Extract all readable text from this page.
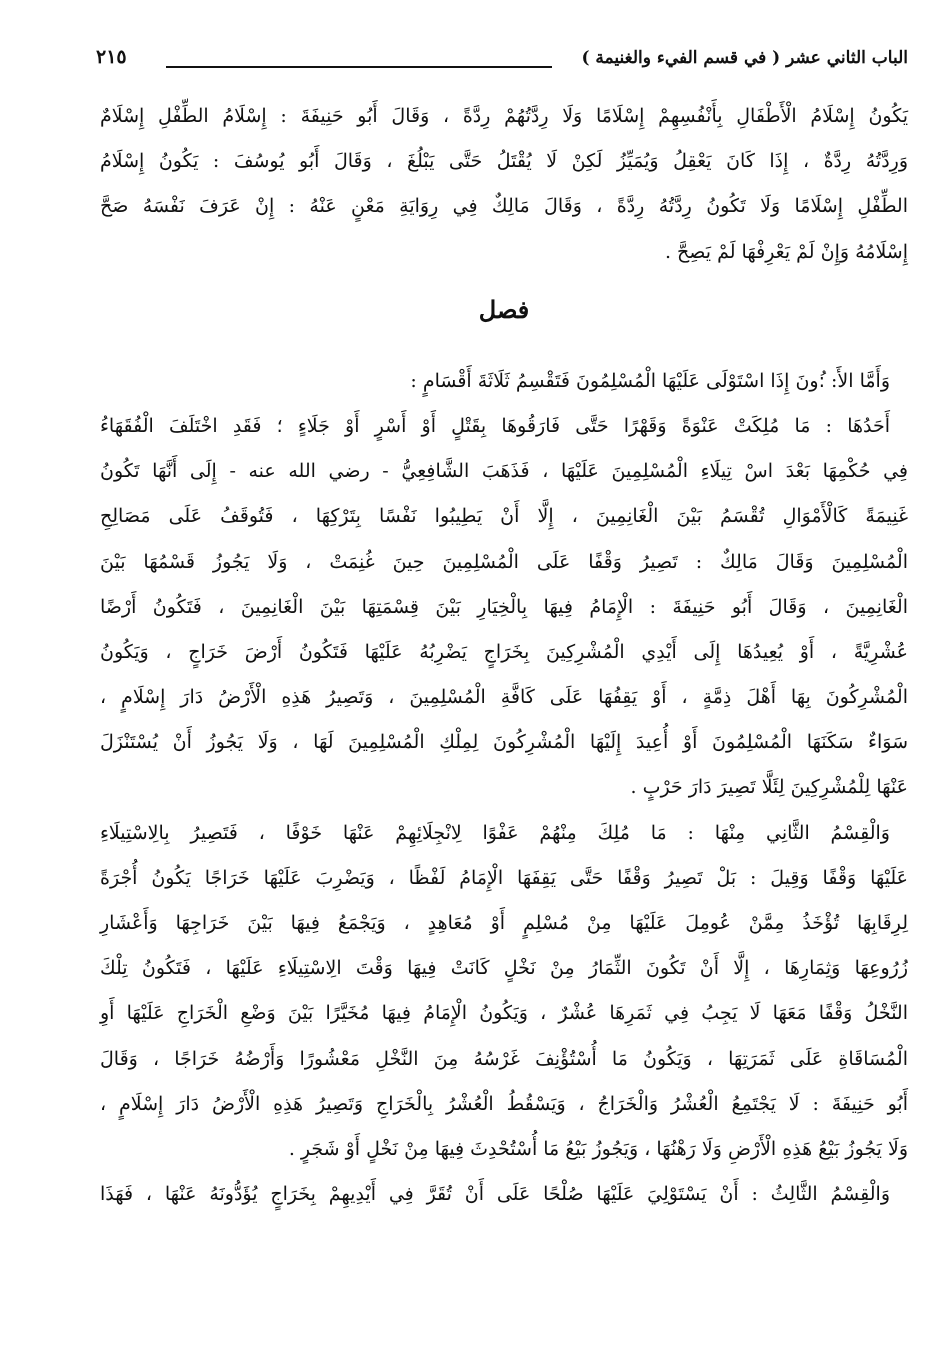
الباب الثاني عشر ( في قسم الفيء والغنيمة )
٢١٥
يَكُونُ إِسْلَامُ الْأَطْفَالِ بِأَنْفُسِهِمْ إِسْلَامًا وَلَا رِدَّتُهُمْ رِدَّةً ، وَقَالَ أَبُو حَنِيفَةَ : إِسْلَامُ الطِّفْلِ إِسْلَامٌ
وَرِدَّتُهُ رِدَّةٌ ، إِذَا كَانَ يَعْقِلُ وَيُمَيِّزُ لَكِنْ لَا يُقْتَلُ حَتَّى يَبْلُغَ ، وَقَالَ أَبُو يُوسُفَ : يَكُونُ إِسْلَامُ
الطِّفْلِ إِسْلَامًا وَلَا تَكُونُ رِدَّتُهُ رِدَّةً ، وَقَالَ مَالِكٌ فِي رِوَايَةِ مَعْنٍ عَنْهُ : إِنْ عَرَفَ نَفْسَهُ صَحَّ
إِسْلَامُهُ وَإِنْ لَمْ يَعْرِفْهَا لَمْ يَصِحَّ .
فصل
وَأَمَّا الأَ: :ُونَ إِذَا اسْتَوْلَى عَلَيْهَا الْمُسْلِمُونَ فَتَقْسِمُ ثَلَاثَةَ أَقْسَامٍ :
أَحَدُهَا : مَا مُلِكَتْ عَنْوَةً وَقَهْرًا حَتَّى فَارَقُوهَا بِقَتْلٍ أَوْ أَسْرٍ أَوْ جَلَاءٍ ؛ فَقَدِ اخْتَلَفَ الْفُقَهَاءُ
فِي حُكْمِهَا بَعْدَ اسْ تِيلَاءِ الْمُسْلِمِينَ عَلَيْهَا ، فَذَهَبَ الشَّافِعِيُّ - رضي الله عنه - إِلَى أَنَّهَا تَكُونُ
غَنِيمَةً كَالْأَمْوَالِ تُقْسَمُ بَيْنَ الْغَانِمِينَ ، إِلَّا أَنْ يَطِيبُوا نَفْسًا بِتَرْكِهَا ، فَتُوقَفُ عَلَى مَصَالِحِ
الْمُسْلِمِينَ وَقَالَ مَالِكٌ : تَصِيرُ وَقْفًا عَلَى الْمُسْلِمِينَ حِينَ غُنِمَتْ ، وَلَا يَجُوزُ قَسْمُهَا بَيْنَ
الْغَانِمِينَ ، وَقَالَ أَبُو حَنِيفَةَ : الْإِمَامُ فِيهَا بِالْخِيَارِ بَيْنَ قِسْمَتِهَا بَيْنَ الْغَانِمِينَ ، فَتَكُونُ أَرْضًا
عُشْرِيَّةً ، أَوْ يُعِيدُهَا إِلَى أَيْدِي الْمُشْرِكِينَ بِخَرَاجٍ يَضْرِبُهُ عَلَيْهَا فَتَكُونُ أَرْضَ خَرَاجٍ ، وَيَكُونُ
الْمُشْرِكُونَ بِهَا أَهْلَ ذِمَّةٍ ، أَوْ يَقِفُهَا عَلَى كَافَّةِ الْمُسْلِمِينَ ، وَتَصِيرُ هَذِهِ الْأَرْضُ دَارَ إِسْلَامٍ ،
سَوَاءٌ سَكَنَهَا الْمُسْلِمُونَ أَوْ أُعِيدَ إِلَيْهَا الْمُشْرِكُونَ لِمِلْكِ الْمُسْلِمِينَ لَهَا ، وَلَا يَجُوزُ أَنْ يُسْتَنْزَلَ
عَنْهَا لِلْمُشْرِكِينَ لِئَلَّا تَصِيرَ دَارَ حَرْبٍ .
وَالْقِسْمُ الثَّانِي مِنْهَا : مَا مُلِكَ مِنْهُمْ عَفْوًا لِانْجِلَائِهِمْ عَنْهَا خَوْفًا ، فَتَصِيرُ بِالِاسْتِيلَاءِ
عَلَيْهَا وَقْفًا وَقِيلَ : بَلْ تَصِيرُ وَقْفًا حَتَّى يَقِفَهَا الْإِمَامُ لَفْظًا ، وَيَضْرِبَ عَلَيْهَا خَرَاجًا يَكُونُ أُجْرَةً
لِرِقَابِهَا تُؤْخَذُ مِمَّنْ عُومِلَ عَلَيْهَا مِنْ مُسْلِمٍ أَوْ مُعَاهِدٍ ، وَيَجْمَعُ فِيهَا بَيْنَ خَرَاجِهَا وَأَعْشَارِ
زُرُوعِهَا وَثِمَارِهَا ، إِلَّا أَنْ تَكُونَ الثِّمَارُ مِنْ نَخْلٍ كَانَتْ فِيهَا وَقْتَ الِاسْتِيلَاءِ عَلَيْهَا ، فَتَكُونُ تِلْكَ
النَّخْلُ وَقْفًا مَعَهَا لَا يَجِبُ فِي ثَمَرِهَا عُشْرٌ ، وَيَكُونُ الْإِمَامُ فِيهَا مُخَيَّرًا بَيْنَ وَضْعِ الْخَرَاجِ عَلَيْهَا أَوِ
الْمُسَاقَاةِ عَلَى ثَمَرَتِهَا ، وَيَكُونُ مَا أُسْتُؤْنِفَ غَرْسُهُ مِنَ النَّخْلِ مَعْشُورًا وَأَرْضُهُ خَرَاجًا ، وَقَالَ
أَبُو حَنِيفَةَ : لَا يَجْتَمِعُ الْعُشْرُ وَالْخَرَاجُ ، وَيَسْقُطُ الْعُشْرُ بِالْخَرَاجِ وَتَصِيرُ هَذِهِ الْأَرْضُ دَارَ إِسْلَامٍ ،
وَلَا يَجُوزُ بَيْعُ هَذِهِ الْأَرْضِ وَلَا رَهْنُهَا ، وَيَجُوزُ بَيْعُ مَا أُسْتُحْدِثَ فِيهَا مِنْ نَخْلٍ أَوْ شَجَرٍ .
وَالْقِسْمُ الثَّالِثُ : أَنْ يَسْتَوْلِيَ عَلَيْهَا صُلْحًا عَلَى أَنْ تُقَرَّ فِي أَيْدِيهِمْ بِخَرَاجٍ يُؤَدُّونَهُ عَنْهَا ، فَهَذَا
